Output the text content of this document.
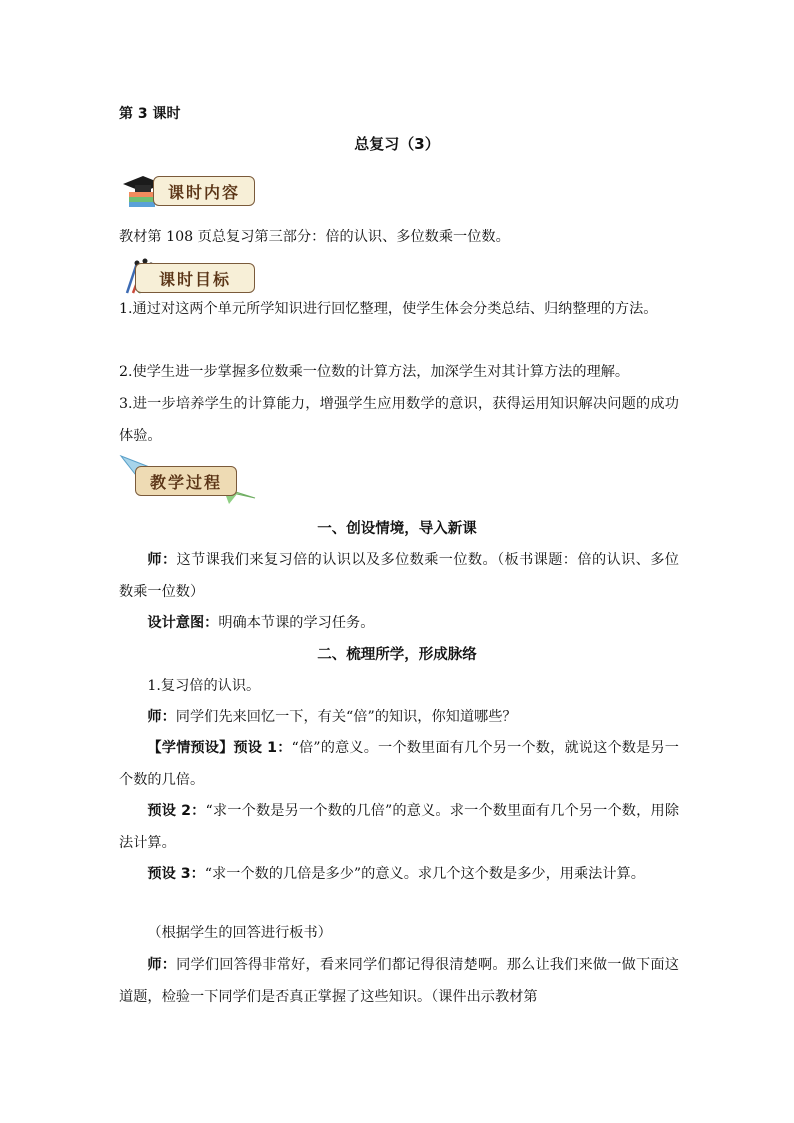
第 3 课时
总复习（3）
课时内容

教材第 108 页总复习第三部分：倍的认识、多位数乘一位数。

课时目标

1.通过对这两个单元所学知识进行回忆整理，使学生体会分类总结、归纳整理的方法。

2.使学生进一步掌握多位数乘一位数的计算方法，加深学生对其计算方法的理解。

3.进一步培养学生的计算能力，增强学生应用数学的意识，获得运用知识解决问题的成功体验。

教学过程
一、创设情境，导入新课

师：这节课我们来复习倍的认识以及多位数乘一位数。（板书课题：倍的认识、多位数乘一位数）

设计意图：明确本节课的学习任务。

二、梳理所学，形成脉络

1.复习倍的认识。

师：同学们先来回忆一下，有关“倍”的知识，你知道哪些？

【学情预设】预设 1：“倍”的意义。一个数里面有几个另一个数，就说这个数是另一个数的几倍。

预设 2：“求一个数是另一个数的几倍”的意义。求一个数里面有几个另一个数，用除法计算。

预设 3：“求一个数的几倍是多少”的意义。求几个这个数是多少，用乘法计算。

（根据学生的回答进行板书）

师：同学们回答得非常好，看来同学们都记得很清楚啊。那么让我们来做一做下面这道题，检验一下同学们是否真正掌握了这些知识。（课件出示教材第
